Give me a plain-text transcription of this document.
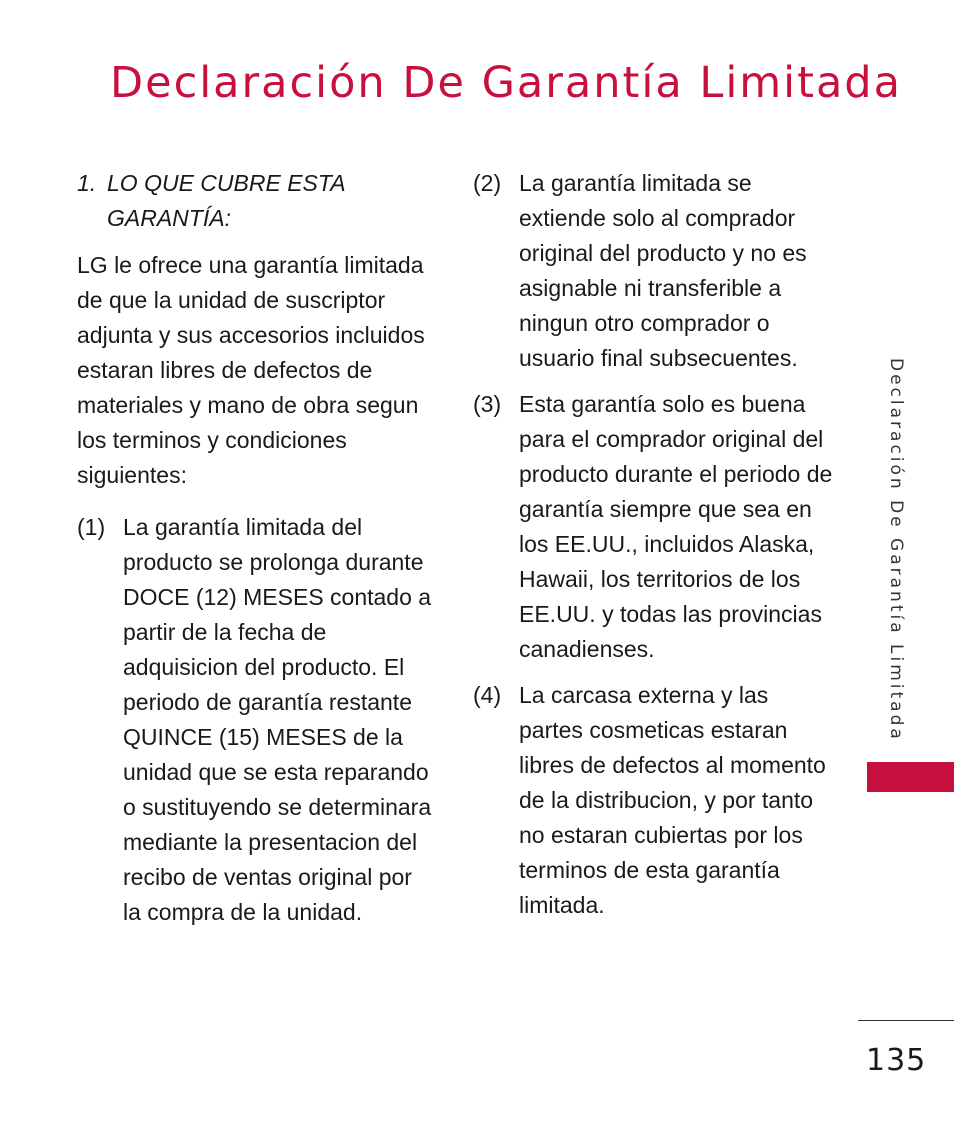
Declaración De Garantía Limitada
1. LO QUE CUBRE ESTA GARANTÍA:

LG le ofrece una garantía limitada de que la unidad de suscriptor adjunta y sus accesorios incluidos estaran libres de defectos de materiales y mano de obra segun los terminos y condiciones siguientes:

(1) La garantía limitada del producto se prolonga durante DOCE (12) MESES contado a partir de la fecha de adquisicion del producto. El periodo de garantía restante QUINCE (15) MESES de la unidad que se esta reparando o sustituyendo se determinara mediante la presentacion del recibo de ventas original por la compra de la unidad.
(2) La garantía limitada se extiende solo al comprador original del producto y no es asignable ni transferible a ningun otro comprador o usuario final subsecuentes.
(3) Esta garantía solo es buena para el comprador original del producto durante el periodo de garantía siempre que sea en los EE.UU., incluidos Alaska, Hawaii, los territorios de los EE.UU. y todas las provincias canadienses.
(4) La carcasa externa y las partes cosmeticas estaran libres de defectos al momento de la distribucion, y por tanto no estaran cubiertas por los terminos de esta garantía limitada.
Declaración De Garantía Limitada
135
